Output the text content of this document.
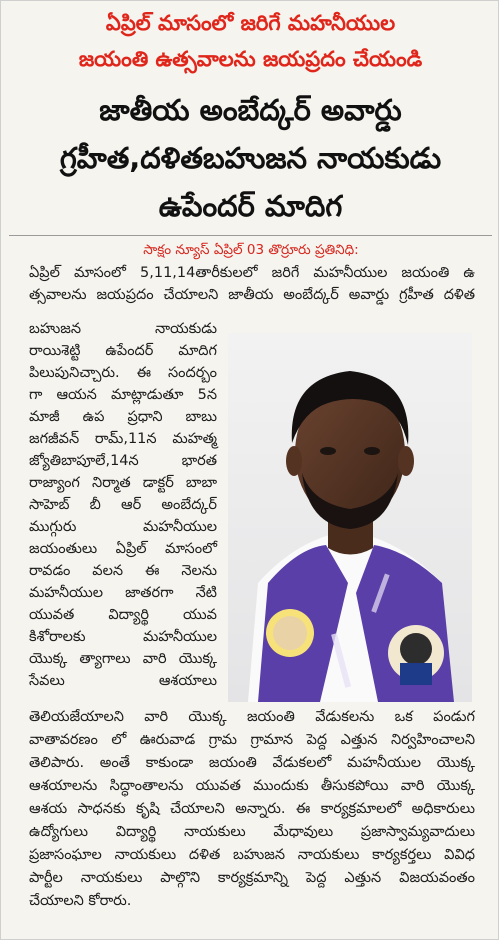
ఏప్రిల్ మాసంలో జరిగే మహనీయుల
జయంతి ఉత్సవాలను జయప్రదం చేయండి
జాతీయ అంబేద్కర్ అవార్డు
గ్రహీత,దళితబహుజన నాయకుడు
ఉపేందర్ మాదిగ
సాక్షం న్యూస్ ఏప్రిల్ 03 తొర్రూరు ప్రతినిధి:
ఏప్రిల్ మాసంలో 5,11,14తారీకులలో జరిగే మహనీయుల జయంతి ఉ
త్సవాలను జయప్రదం చేయాలని జాతీయ అంబేద్కర్ అవార్డు గ్రహీత దళిత
బహుజన నాయకుడు
రాయిశెట్టి ఉపేందర్ మాదిగ
పిలుపునిచ్చారు. ఈ సందర్బం
గా ఆయన మాట్లాడుతూ 5న
మాజీ ఉప ప్రధాని బాబు
జగజీవన్ రామ్,11న మహత్మ
జ్యోతిబాపూలే,14న భారత
రాజ్యాంగ నిర్మాత డాక్టర్ బాబా
సాహెబ్ బీ ఆర్ అంబేద్కర్
ముగ్గురు మహనీయుల
జయంతులు ఏప్రిల్ మాసంలో
రావడం వలన ఈ నెలను
మహనీయుల జాతరగా నేటి
యువత విద్యార్థి యువ
కిశోరాలకు మహనీయుల
యొక్క త్యాగాలు వారి యొక్క
సేవలు ఆశయాలు
తెలియజేయాలని వారి యొక్క జయంతి వేడుకలను ఒక పండుగ
వాతావరణం లో ఊరువాడ గ్రామ గ్రామాన పెద్ద ఎత్తున నిర్వహించాలని
తెలిపారు. అంతే కాకుండా జయంతి వేడుకలలో మహనీయుల యొక్క
ఆశయాలను సిద్ధాంతాలను యువత ముందుకు తీసుకపోయి వారి యొక్క
ఆశయ సాధనకు కృషి చేయాలని అన్నారు. ఈ కార్యక్రమాలలో అధికారులు
ఉద్యోగులు విద్యార్థి నాయకులు మేధావులు ప్రజాస్వామ్యవాదులు
ప్రజాసంఘాల నాయకులు దళిత బహుజన నాయకులు కార్యకర్తలు వివిధ
పార్టీల నాయకులు పాల్గొని కార్యక్రమాన్ని పెద్ద ఎత్తున విజయవంతం
చేయాలని కోరారు.
